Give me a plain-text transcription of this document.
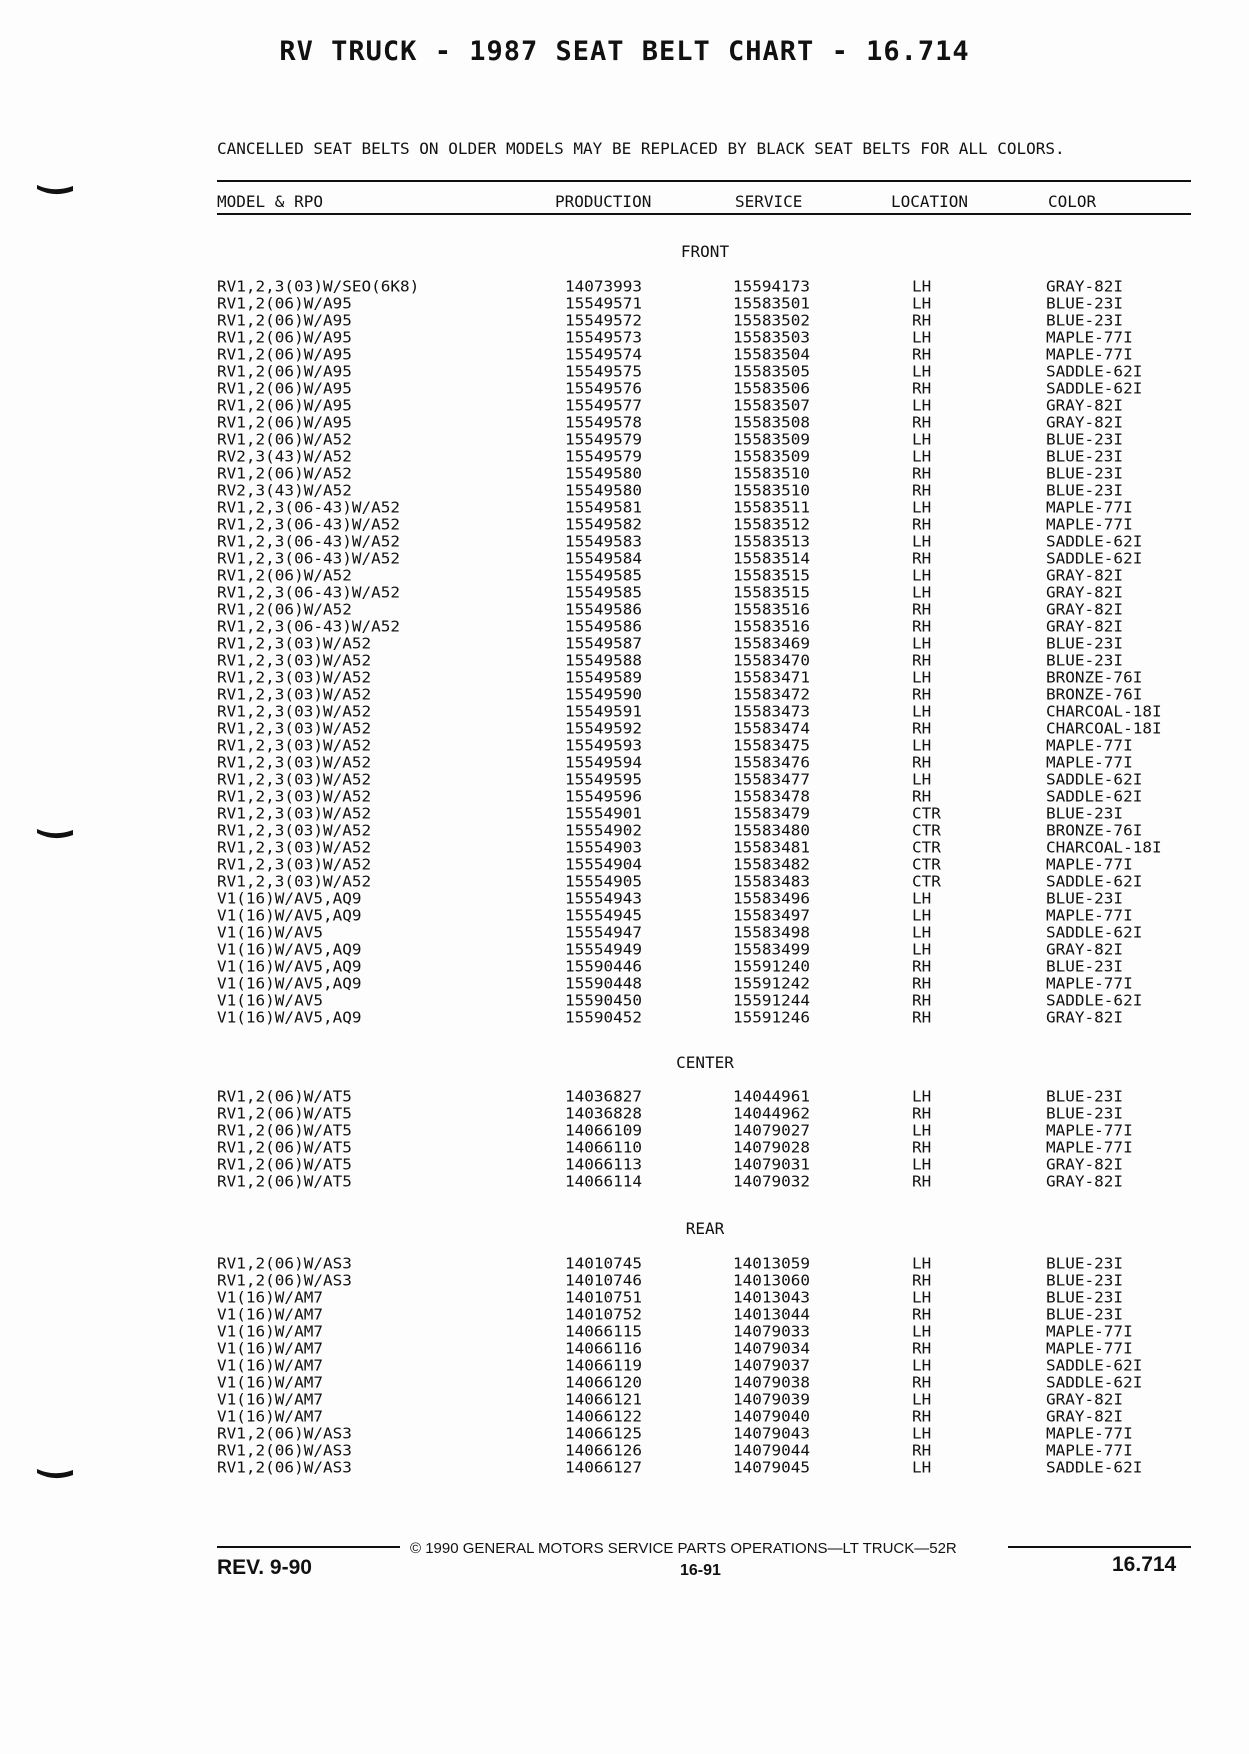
RV TRUCK - 1987 SEAT BELT CHART - 16.714
CANCELLED SEAT BELTS ON OLDER MODELS MAY BE REPLACED BY BLACK SEAT BELTS FOR ALL COLORS.
MODEL & RPO	PRODUCTION	SERVICE	LOCATION	COLOR
FRONT
RV1,2,3(03)W/SEO(6K8)	14073993	15594173	LH	GRAY-82I
RV1,2(06)W/A95	15549571	15583501	LH	BLUE-23I
RV1,2(06)W/A95	15549572	15583502	RH	BLUE-23I
RV1,2(06)W/A95	15549573	15583503	LH	MAPLE-77I
RV1,2(06)W/A95	15549574	15583504	RH	MAPLE-77I
RV1,2(06)W/A95	15549575	15583505	LH	SADDLE-62I
RV1,2(06)W/A95	15549576	15583506	RH	SADDLE-62I
RV1,2(06)W/A95	15549577	15583507	LH	GRAY-82I
RV1,2(06)W/A95	15549578	15583508	RH	GRAY-82I
RV1,2(06)W/A52	15549579	15583509	LH	BLUE-23I
RV2,3(43)W/A52	15549579	15583509	LH	BLUE-23I
RV1,2(06)W/A52	15549580	15583510	RH	BLUE-23I
RV2,3(43)W/A52	15549580	15583510	RH	BLUE-23I
RV1,2,3(06-43)W/A52	15549581	15583511	LH	MAPLE-77I
RV1,2,3(06-43)W/A52	15549582	15583512	RH	MAPLE-77I
RV1,2,3(06-43)W/A52	15549583	15583513	LH	SADDLE-62I
RV1,2,3(06-43)W/A52	15549584	15583514	RH	SADDLE-62I
RV1,2(06)W/A52	15549585	15583515	LH	GRAY-82I
RV1,2,3(06-43)W/A52	15549585	15583515	LH	GRAY-82I
RV1,2(06)W/A52	15549586	15583516	RH	GRAY-82I
RV1,2,3(06-43)W/A52	15549586	15583516	RH	GRAY-82I
RV1,2,3(03)W/A52	15549587	15583469	LH	BLUE-23I
RV1,2,3(03)W/A52	15549588	15583470	RH	BLUE-23I
RV1,2,3(03)W/A52	15549589	15583471	LH	BRONZE-76I
RV1,2,3(03)W/A52	15549590	15583472	RH	BRONZE-76I
RV1,2,3(03)W/A52	15549591	15583473	LH	CHARCOAL-18I
RV1,2,3(03)W/A52	15549592	15583474	RH	CHARCOAL-18I
RV1,2,3(03)W/A52	15549593	15583475	LH	MAPLE-77I
RV1,2,3(03)W/A52	15549594	15583476	RH	MAPLE-77I
RV1,2,3(03)W/A52	15549595	15583477	LH	SADDLE-62I
RV1,2,3(03)W/A52	15549596	15583478	RH	SADDLE-62I
RV1,2,3(03)W/A52	15554901	15583479	CTR	BLUE-23I
RV1,2,3(03)W/A52	15554902	15583480	CTR	BRONZE-76I
RV1,2,3(03)W/A52	15554903	15583481	CTR	CHARCOAL-18I
RV1,2,3(03)W/A52	15554904	15583482	CTR	MAPLE-77I
RV1,2,3(03)W/A52	15554905	15583483	CTR	SADDLE-62I
V1(16)W/AV5,AQ9	15554943	15583496	LH	BLUE-23I
V1(16)W/AV5,AQ9	15554945	15583497	LH	MAPLE-77I
V1(16)W/AV5	15554947	15583498	LH	SADDLE-62I
V1(16)W/AV5,AQ9	15554949	15583499	LH	GRAY-82I
V1(16)W/AV5,AQ9	15590446	15591240	RH	BLUE-23I
V1(16)W/AV5,AQ9	15590448	15591242	RH	MAPLE-77I
V1(16)W/AV5	15590450	15591244	RH	SADDLE-62I
V1(16)W/AV5,AQ9	15590452	15591246	RH	GRAY-82I
CENTER
RV1,2(06)W/AT5	14036827	14044961	LH	BLUE-23I
RV1,2(06)W/AT5	14036828	14044962	RH	BLUE-23I
RV1,2(06)W/AT5	14066109	14079027	LH	MAPLE-77I
RV1,2(06)W/AT5	14066110	14079028	RH	MAPLE-77I
RV1,2(06)W/AT5	14066113	14079031	LH	GRAY-82I
RV1,2(06)W/AT5	14066114	14079032	RH	GRAY-82I
REAR
RV1,2(06)W/AS3	14010745	14013059	LH	BLUE-23I
RV1,2(06)W/AS3	14010746	14013060	RH	BLUE-23I
V1(16)W/AM7	14010751	14013043	LH	BLUE-23I
V1(16)W/AM7	14010752	14013044	RH	BLUE-23I
V1(16)W/AM7	14066115	14079033	LH	MAPLE-77I
V1(16)W/AM7	14066116	14079034	RH	MAPLE-77I
V1(16)W/AM7	14066119	14079037	LH	SADDLE-62I
V1(16)W/AM7	14066120	14079038	RH	SADDLE-62I
V1(16)W/AM7	14066121	14079039	LH	GRAY-82I
V1(16)W/AM7	14066122	14079040	RH	GRAY-82I
RV1,2(06)W/AS3	14066125	14079043	LH	MAPLE-77I
RV1,2(06)W/AS3	14066126	14079044	RH	MAPLE-77I
RV1,2(06)W/AS3	14066127	14079045	LH	SADDLE-62I
© 1990 GENERAL MOTORS SERVICE PARTS OPERATIONS—LT TRUCK—52R
REV. 9-90	16-91	16.714
